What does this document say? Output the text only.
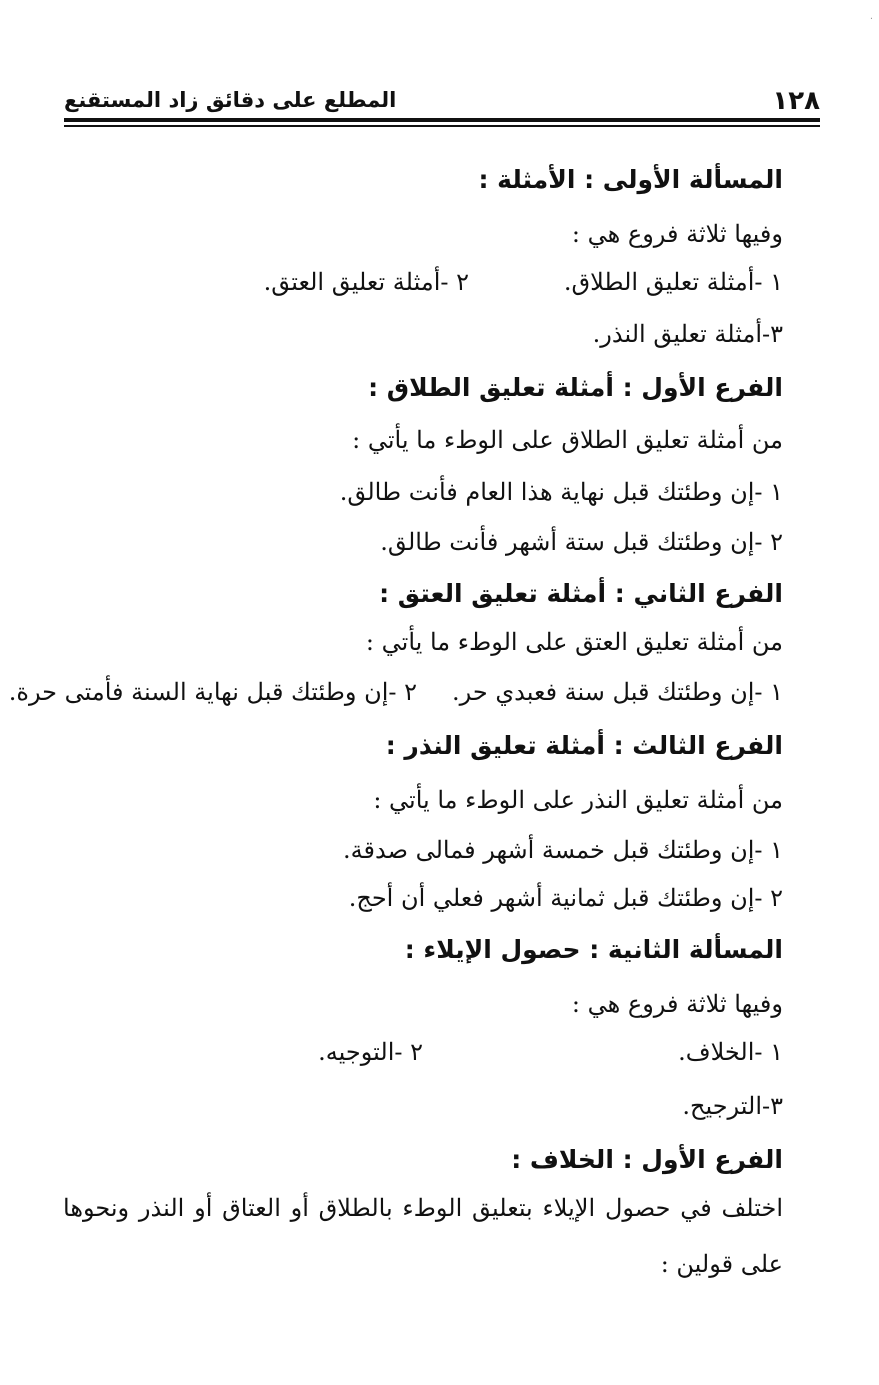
١٢٨
المطلع على دقائق زاد المستقنع
المسألة الأولى : الأمثلة :
وفيها ثلاثة فروع هي :
١ -أمثلة تعليق الطلاق.
٢ -أمثلة تعليق العتق.
٣-أمثلة تعليق النذر.
الفرع الأول : أمثلة تعليق الطلاق :
من أمثلة تعليق الطلاق على الوطء ما يأتي :
١ -إن وطئتك قبل نهاية هذا العام فأنت طالق.
٢ -إن وطئتك قبل ستة أشهر فأنت طالق.
الفرع الثاني : أمثلة تعليق العتق :
من أمثلة تعليق العتق على الوطء ما يأتي :
١ -إن وطئتك قبل سنة فعبدي حر.
٢ -إن وطئتك قبل نهاية السنة فأمتى حرة.
الفرع الثالث : أمثلة تعليق النذر :
من أمثلة تعليق النذر على الوطء ما يأتي :
١ -إن وطئتك قبل خمسة أشهر فمالى صدقة.
٢ -إن وطئتك قبل ثمانية أشهر فعلي أن أحج.
المسألة الثانية : حصول الإيلاء :
وفيها ثلاثة فروع هي :
١ -الخلاف.
٢ -التوجيه.
٣-الترجيح.
الفرع الأول : الخلاف :
اختلف في حصول الإيلاء بتعليق الوطء بالطلاق أو العتاق أو النذر ونحوها على قولين :
·
